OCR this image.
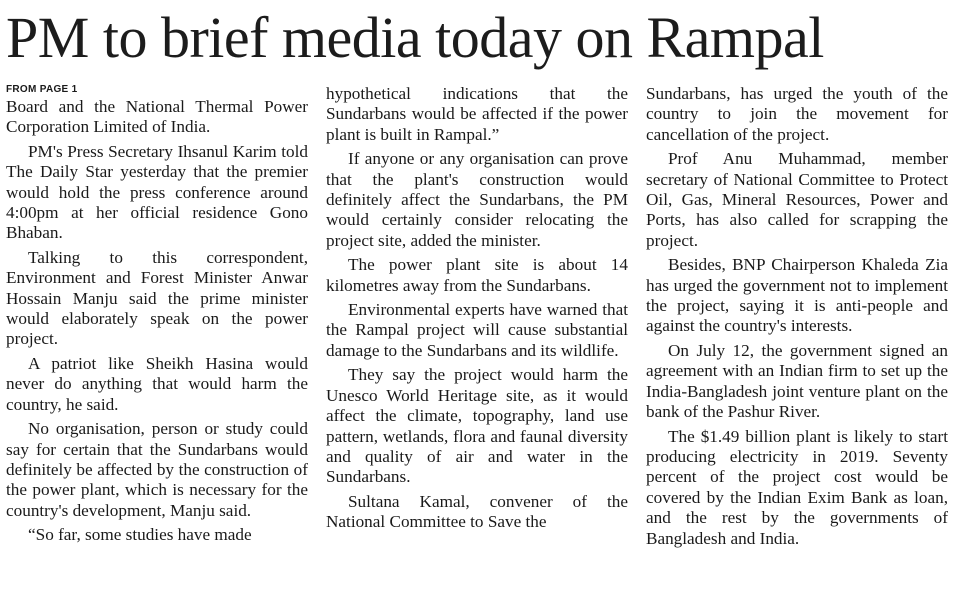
PM to brief media today on Rampal
FROM PAGE 1

Board and the National Thermal Power Corporation Limited of India.

PM's Press Secretary Ihsanul Karim told The Daily Star yesterday that the premier would hold the press conference around 4:00pm at her official residence Gono Bhaban.

Talking to this correspondent, Environment and Forest Minister Anwar Hossain Manju said the prime minister would elaborately speak on the power project.

A patriot like Sheikh Hasina would never do anything that would harm the country, he said.

No organisation, person or study could say for certain that the Sundarbans would definitely be affected by the construction of the power plant, which is necessary for the country's development, Manju said.

“So far, some studies have made

hypothetical indications that the Sundarbans would be affected if the power plant is built in Rampal.”

If anyone or any organisation can prove that the plant's construction would definitely affect the Sundarbans, the PM would certainly consider relocating the project site, added the minister.

The power plant site is about 14 kilometres away from the Sundarbans.

Environmental experts have warned that the Rampal project will cause substantial damage to the Sundarbans and its wildlife.

They say the project would harm the Unesco World Heritage site, as it would affect the climate, topography, land use pattern, wetlands, flora and faunal diversity and quality of air and water in the Sundarbans.

Sultana Kamal, convener of the National Committee to Save the

Sundarbans, has urged the youth of the country to join the movement for cancellation of the project.

Prof Anu Muhammad, member secretary of National Committee to Protect Oil, Gas, Mineral Resources, Power and Ports, has also called for scrapping the project.

Besides, BNP Chairperson Khaleda Zia has urged the government not to implement the project, saying it is anti-people and against the country's interests.

On July 12, the government signed an agreement with an Indian firm to set up the India-Bangladesh joint venture plant on the bank of the Pashur River.

The $1.49 billion plant is likely to start producing electricity in 2019. Seventy percent of the project cost would be covered by the Indian Exim Bank as loan, and the rest by the governments of Bangladesh and India.
